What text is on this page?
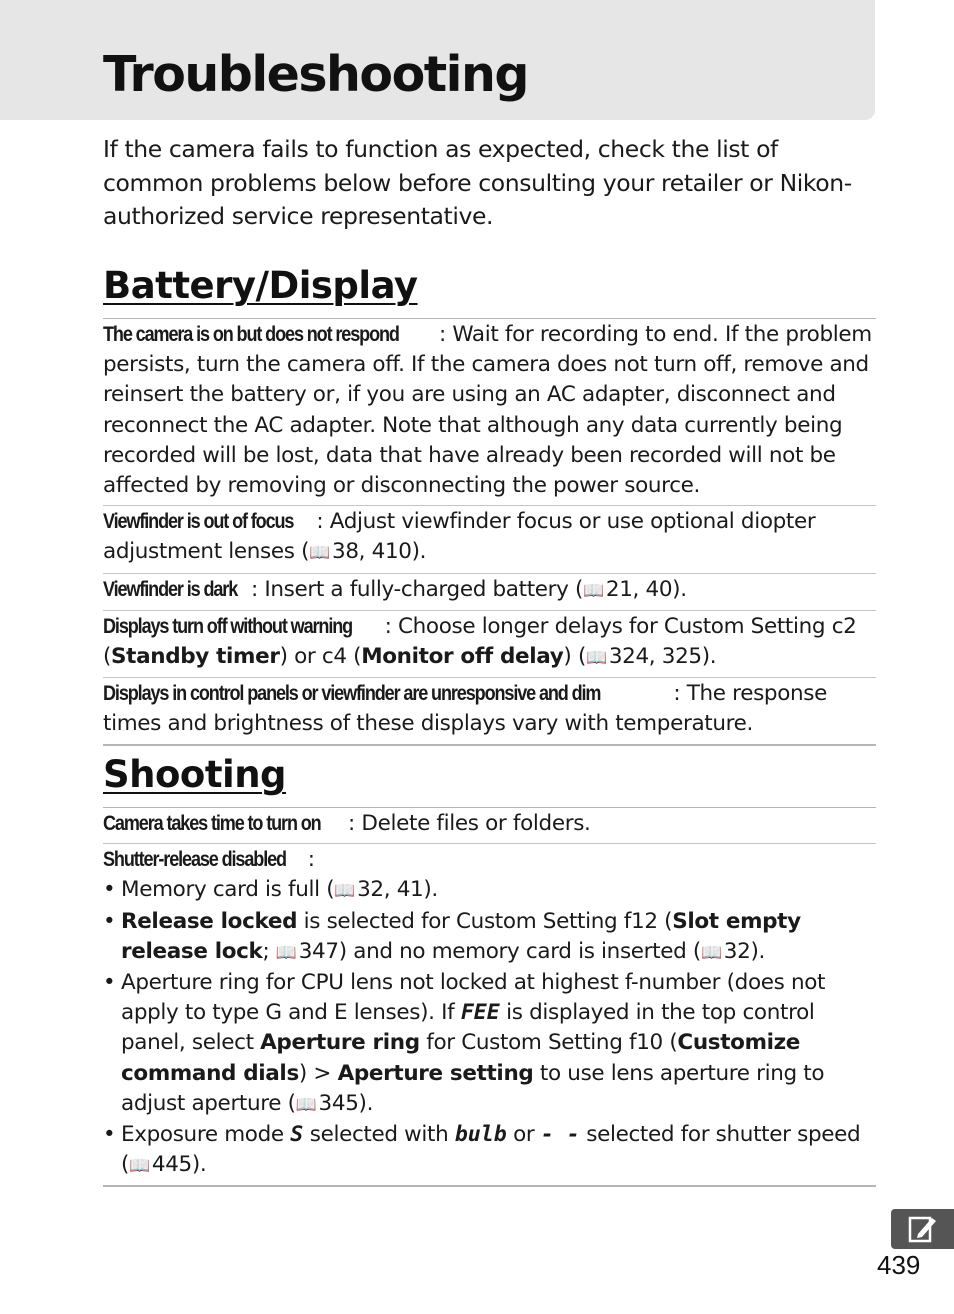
Troubleshooting

If the camera fails to function as expected, check the list of common problems below before consulting your retailer or Nikon-authorized service representative.

Battery/Display
The camera is on but does not respond : Wait for recording to end. If the problem persists, turn the camera off. If the camera does not turn off, remove and reinsert the battery or, if you are using an AC adapter, disconnect and reconnect the AC adapter. Note that although any data currently being recorded will be lost, data that have already been recorded will not be affected by removing or disconnecting the power source.
Viewfinder is out of focus : Adjust viewfinder focus or use optional diopter adjustment lenses (📖38, 410).
Viewfinder is dark : Insert a fully-charged battery (📖21, 40).
Displays turn off without warning : Choose longer delays for Custom Setting c2 (Standby timer) or c4 (Monitor off delay) (📖324, 325).
Displays in control panels or viewfinder are unresponsive and dim	: The response times and brightness of these displays vary with temperature.
Shooting
Camera takes time to turn on : Delete files or folders.
Shutter-release disabled :
• Memory card is full (📖32, 41).
• Release locked is selected for Custom Setting f12 (Slot empty release lock; 📖347) and no memory card is inserted (📖32).
• Aperture ring for CPU lens not locked at highest f-number (does not apply to type G and E lenses). If FEE is displayed in the top control panel, select Aperture ring for Custom Setting f10 (Customize command dials) > Aperture setting to use lens aperture ring to adjust aperture (📖345).
• Exposure mode S selected with bulb or - - selected for shutter speed (📖445).
439
